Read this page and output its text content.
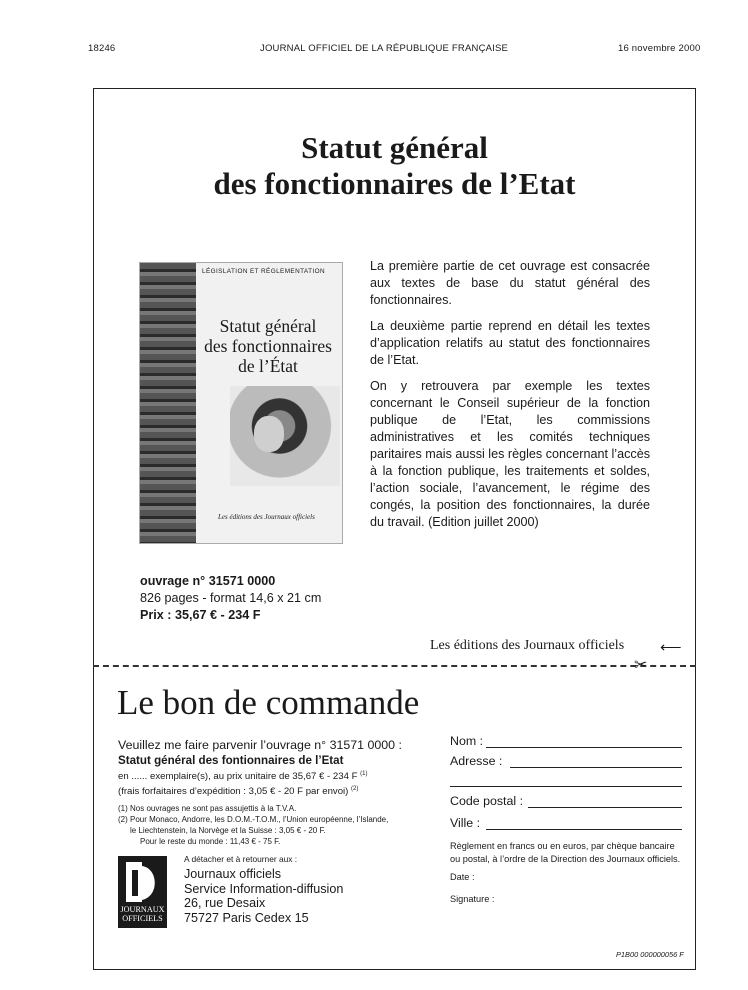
18246	JOURNAL OFFICIEL DE LA RÉPUBLIQUE FRANÇAISE	16 novembre 2000
Statut général
des fonctionnaires de l’Etat
LÉGISLATION ET RÉGLEMENTATION
Statut général
des fonctionnaires
de l’État
Les éditions des Journaux officiels

La première partie de cet ouvrage est consacrée aux textes de base du statut général des fonctionnaires.

La deuxième partie reprend en détail les textes d’application relatifs au statut des fonctionnaires de l’Etat.

On y retrouvera par exemple les textes concernant le Conseil supérieur de la fonction publique de l’Etat, les commissions administratives et les comités techniques paritaires mais aussi les règles concernant l’accès à la fonction publique, les traitements et soldes, l’action sociale, l’avancement, le régime des congés, la position des fonctionnaires, la durée du travail. (Edition juillet 2000)

ouvrage n° 31571 0000
826 pages - format 14,6 x 21 cm
Prix : 35,67 € - 234 F
Les éditions des Journaux officiels ⟵
✂
Le bon de commande
Veuillez me faire parvenir l’ouvrage n° 31571 0000 :
Statut général des fontionnaires de l’Etat
en ...... exemplaire(s), au prix unitaire de 35,67 € - 234 F $^{(1)}$
(frais forfaitaires d’expédition : 3,05 € - 20 F par envoi) $^{(2)}$
(1) Nos ouvrages ne sont pas assujettis à la T.V.A.
(2) Pour Monaco, Andorre, les D.O.M.-T.O.M., l’Union européenne, l’Islande,
le Liechtenstein, la Norvège et la Suisse : 3,05 € - 20 F.
Pour le reste du monde : 11,43 € - 75 F.
JOURNAUX
OFFICIELS
A détacher et à retourner aux :
Journaux officiels
Service Information-diffusion
26, rue Desaix
75727 Paris Cedex 15
Nom :
Adresse :
Code postal :
Ville :
Règlement en francs ou en euros, par chèque bancaire
ou postal, à l’ordre de la Direction des Journaux officiels.
Date :
Signature :
P1B00 000000056 F
